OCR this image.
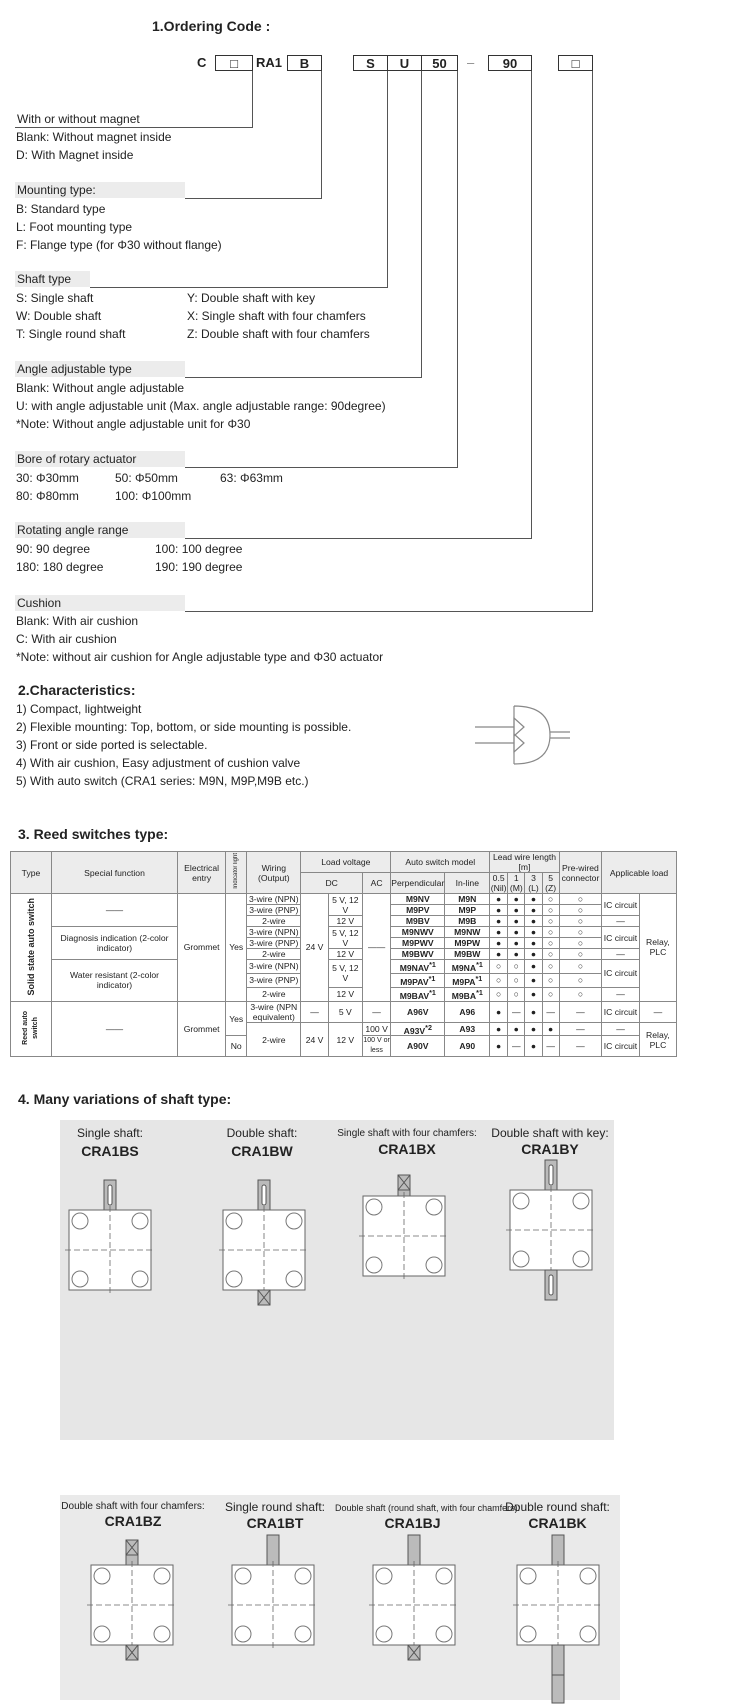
1.Ordering Code :
C	□	RA1	B	S	U	50	–	90	□
With or without magnet
Blank: Without magnet inside
D: With Magnet inside
Mounting type:
B: Standard type
L: Foot mounting type
F: Flange type (for Φ30 without flange)
Shaft type
S: Single shaft
W: Double shaft
T: Single round shaft
Y: Double shaft with key
X: Single shaft with four chamfers
Z: Double shaft with four chamfers
Angle adjustable type
Blank: Without angle adjustable
U: with angle adjustable unit (Max. angle adjustable range: 90degree)
*Note: Without angle adjustable unit for Φ30
Bore of rotary actuator
30: Φ30mm	50: Φ50mm	63: Φ63mm
80: Φ80mm	100: Φ100mm
Rotating angle range
90: 90 degree	100: 100 degree
180: 180 degree	190: 190 degree
Cushion
Blank: With air cushion
C: With air cushion
*Note: without air cushion for Angle adjustable type and Φ30 actuator
2.Characteristics:
1) Compact, lightweight
2) Flexible mounting: Top, bottom, or side mounting is possible.
3) Front or side ported is selectable.
4) With air cushion, Easy adjustment of cushion valve
5) With auto switch (CRA1 series: M9N, M9P,M9B etc.)
3. Reed switches type:
Type	Special function	Electrical entry	Indicator light	Wiring (Output)	Load voltage			Auto switch model		Lead wire length [m]				Pre-wired connector	Applicable load	
					DC		AC	Perpendicular	In-line	0.5 (Nil)	1 (M)	3 (L)	5 (Z)			

Solid state auto switch	——	Grommet	Yes	3-wire (NPN)	24 V	5 V, 12 V	——	M9NV	M9N	●	●	●	○	○	IC circuit	Relay, PLC
				3-wire (PNP)				M9PV	M9P	●	●	●	○	○		
				2-wire		12 V		M9BV	M9B	●	●	●	○	○	—	
	Diagnosis indication (2-color indicator)			3-wire (NPN)		5 V, 12 V		M9NWV	M9NW	●	●	●	○	○	IC circuit	
				3-wire (PNP)				M9PWV	M9PW	●	●	●	○	○		
				2-wire		12 V		M9BWV	M9BW	●	●	●	○	○	—	
	Water resistant (2-color indicator)			3-wire (NPN)		5 V, 12 V		M9NAV$^{*1}$	M9NA$^{*1}$	○	○	●	○	○	IC circuit	
				3-wire (PNP)				M9PAV$^{*1}$	M9PA$^{*1}$	○	○	●	○	○		
				2-wire		12 V		M9BAV$^{*1}$	M9BA$^{*1}$	○	○	●	○	○	—	
Reed auto switch	——	Grommet	Yes	3-wire (NPN equivalent)	—	5 V	—	A96V	A96	●	—	●	—	—	IC circuit	—
				2-wire	24 V	12 V	100 V	$A93V^{*2}$	A93	●	●	●	●	—	—	Relay, PLC
			No				100 V or less	A90V	A90	●	—	●	—	—	IC circuit	
4. Many variations of shaft type:
Single shaft:
CRA1BS
Double shaft:
CRA1BW
Single shaft with four chamfers:
CRA1BX
Double shaft with key:
CRA1BY
Double shaft with four chamfers:
CRA1BZ
Single round shaft:
CRA1BT
Double shaft (round shaft, with four chamfers):
CRA1BJ
Double round shaft:
CRA1BK
